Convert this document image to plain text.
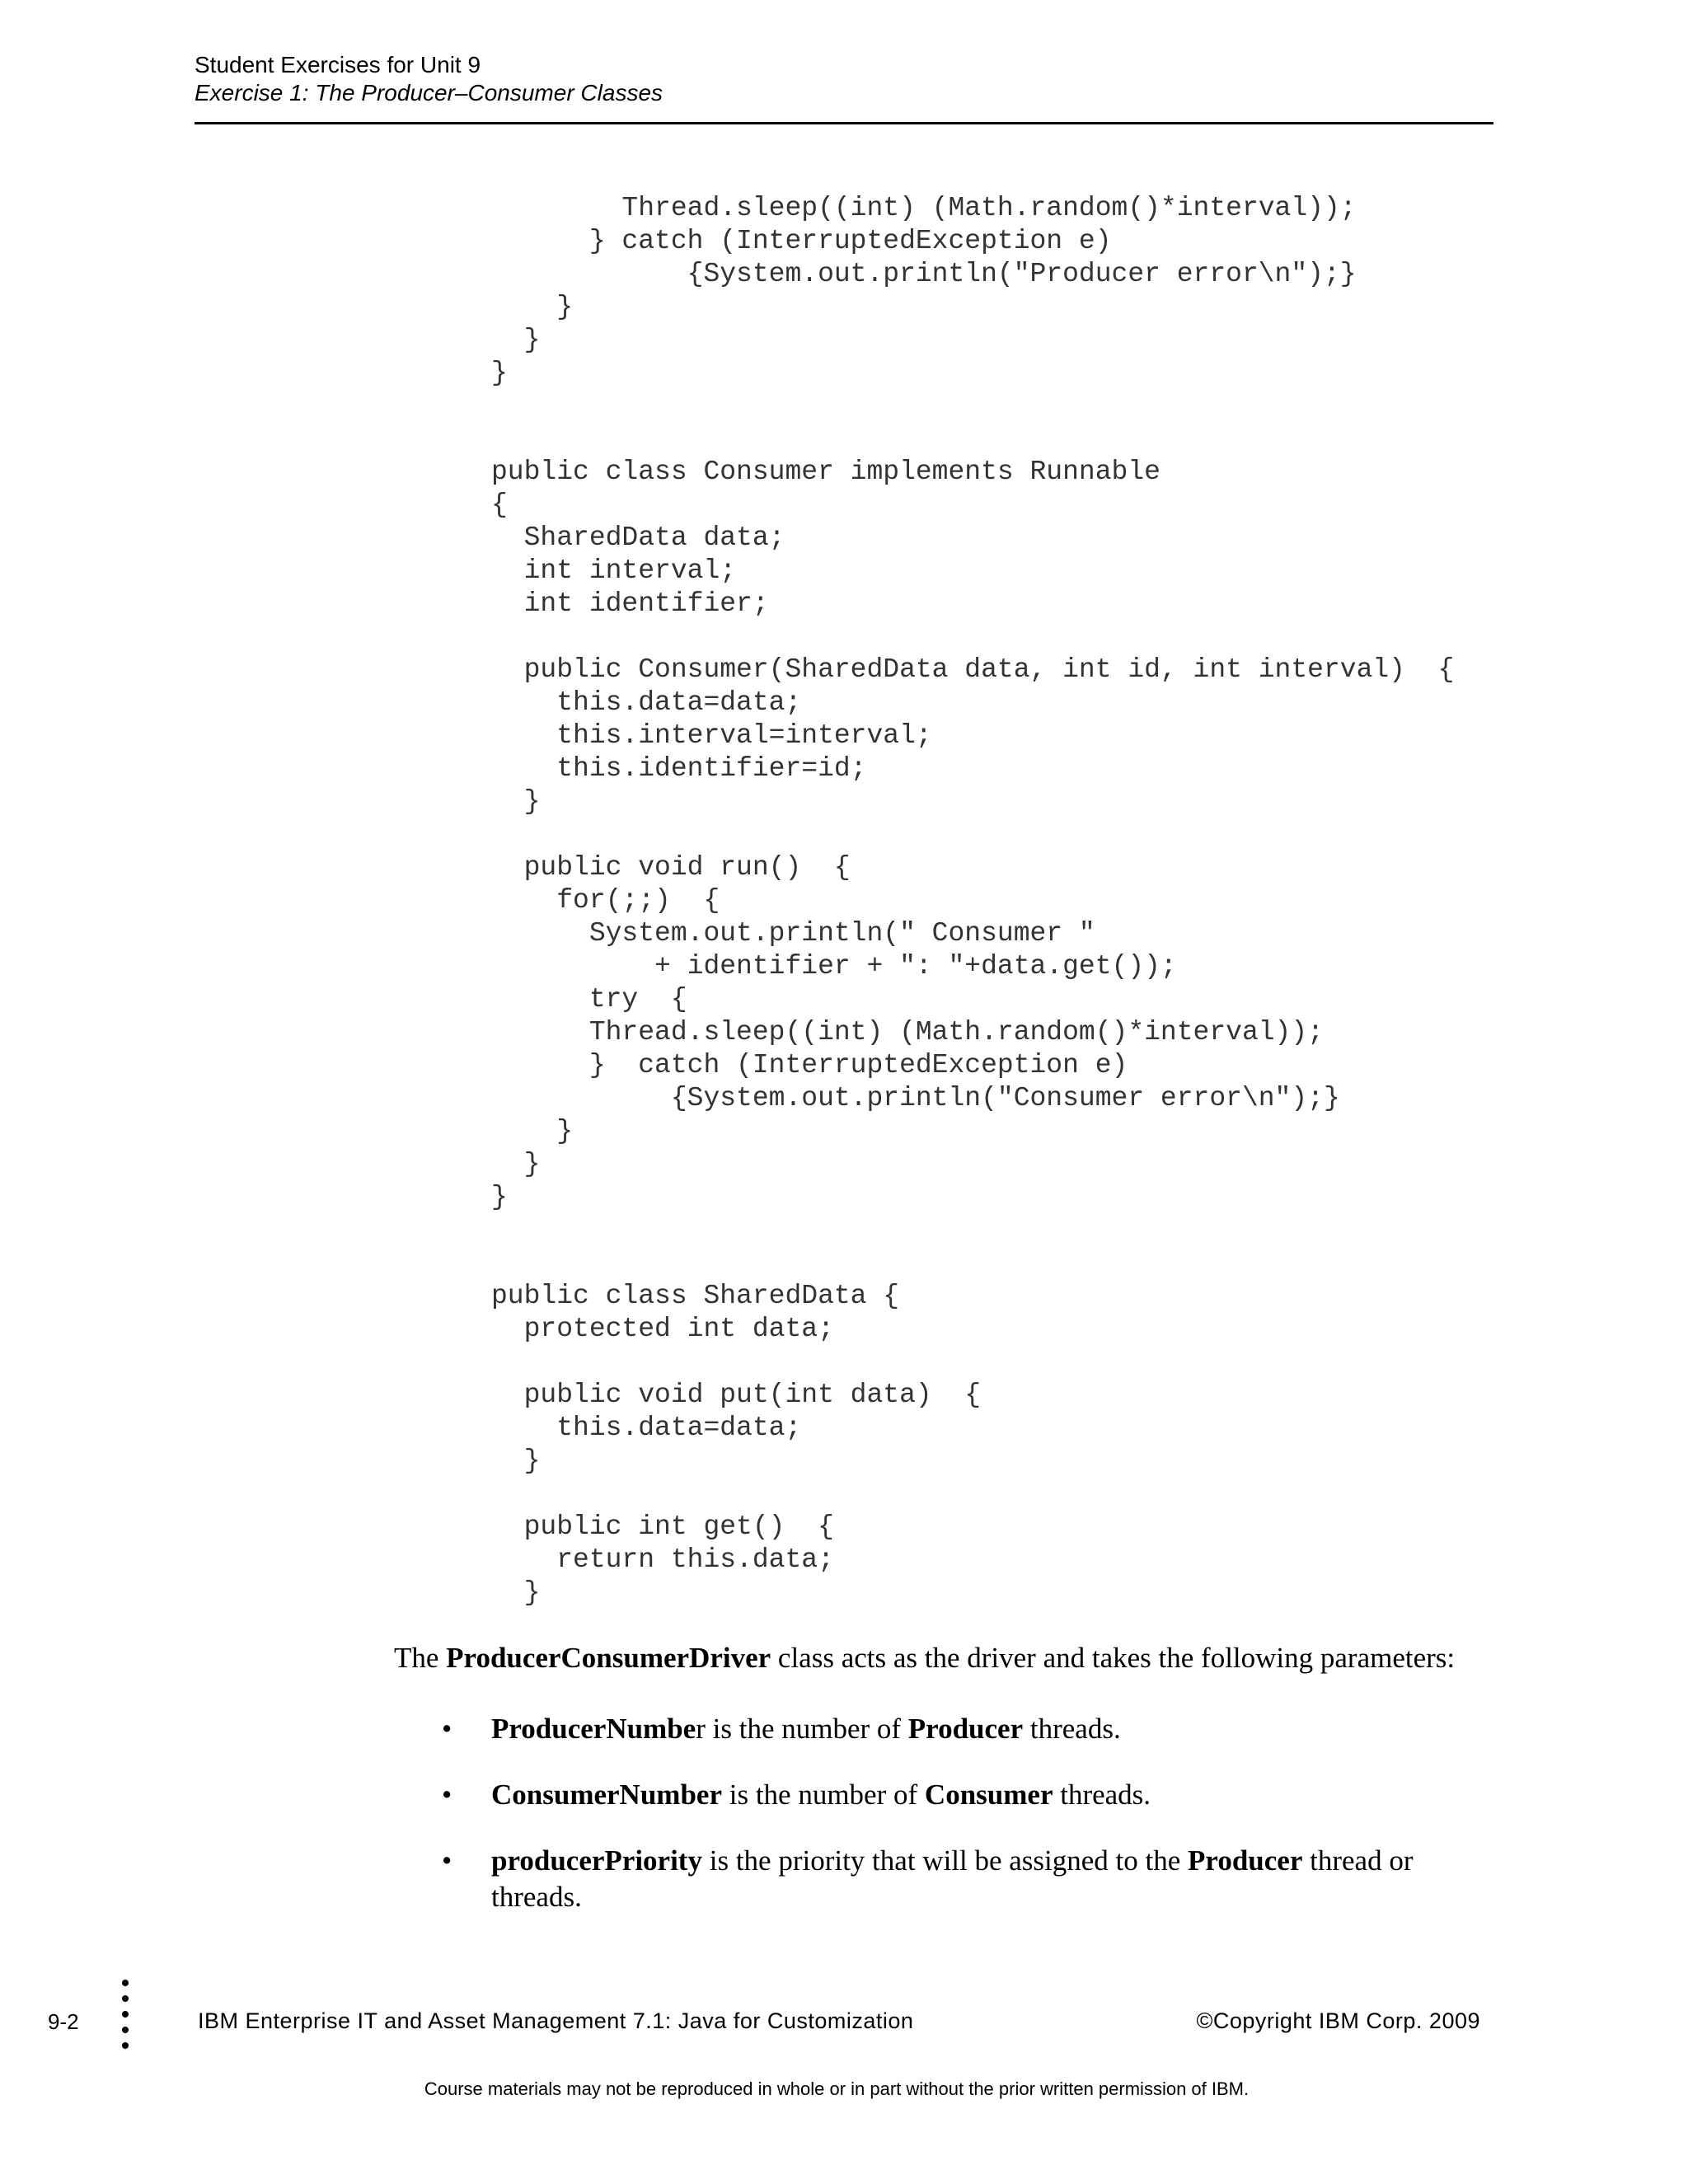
Student Exercises for Unit 9
Exercise 1: The Producer–Consumer Classes
Thread.sleep((int) (Math.random()*interval));
} catch (InterruptedException e)
{System.out.println("Producer error\n");}
}
}
}
public class Consumer implements Runnable
{
SharedData data;
int interval;
int identifier;
public Consumer(SharedData data, int id, int interval)  {
this.data=data;
this.interval=interval;
this.identifier=id;
}
public void run()  {
for(;;)  {
System.out.println(" Consumer "
+ identifier + ": "+data.get());
try  {
Thread.sleep((int) (Math.random()*interval));
}  catch (InterruptedException e)
{System.out.println("Consumer error\n");}
}
}
}
public class SharedData {
protected int data;
public void put(int data)  {
this.data=data;
}
public int get()  {
return this.data;
}

The ProducerConsumerDriver class acts as the driver and takes the following parameters:

• ProducerNumber is the number of Producer threads.
• ConsumerNumber is the number of Consumer threads.
• producerPriority is the priority that will be assigned to the Producer thread or threads.
9-2	IBM Enterprise IT and Asset Management 7.1: Java for Customization	©Copyright IBM Corp. 2009
Course materials may not be reproduced in whole or in part without the prior written permission of IBM.
